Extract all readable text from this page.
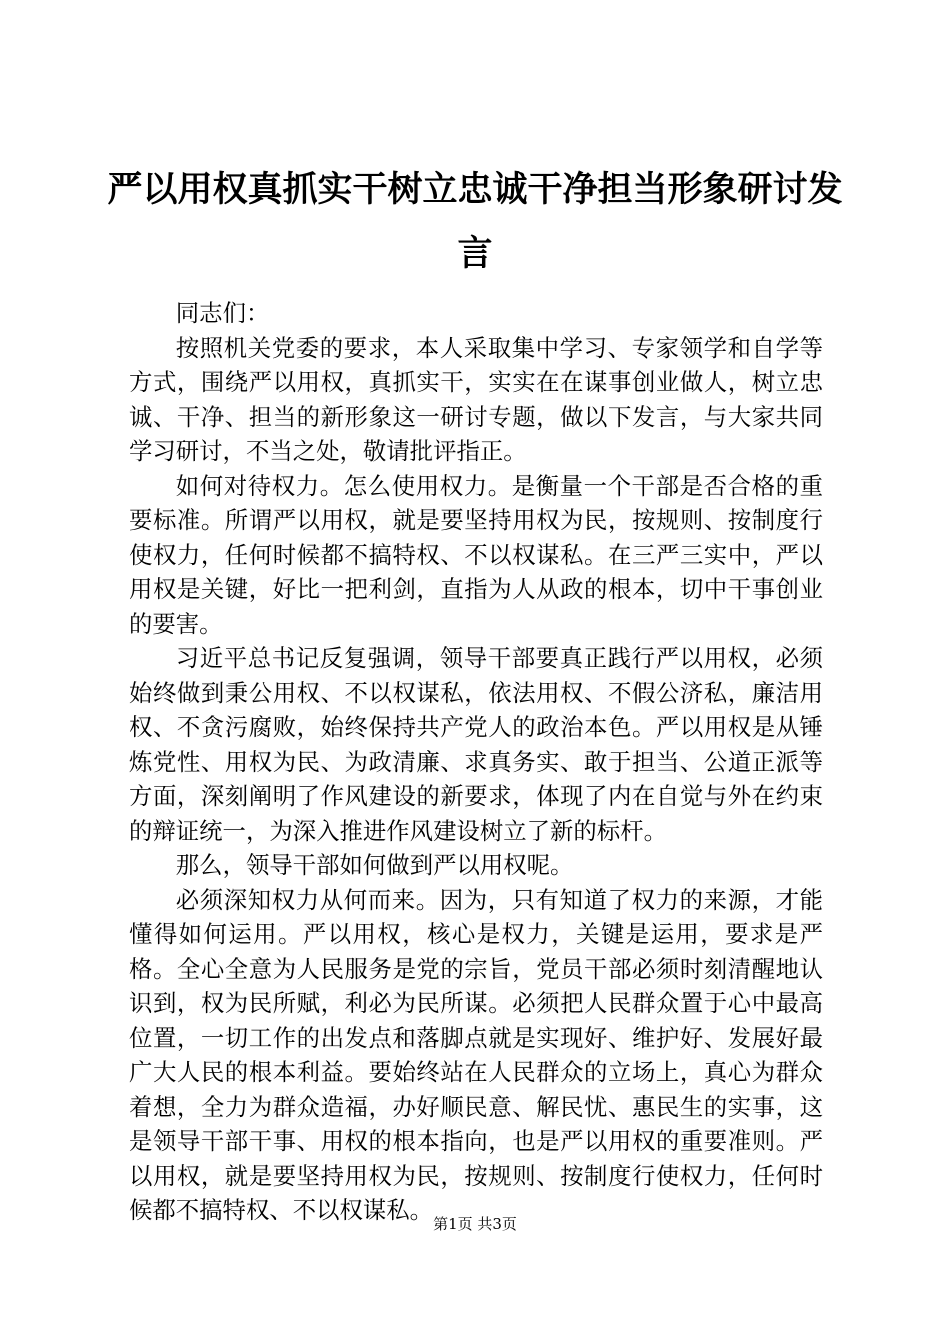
严以用权真抓实干树立忠诚干净担当形象研讨发言

同志们：

按照机关党委的要求，本人采取集中学习、专家领学和自学等方式，围绕严以用权，真抓实干，实实在在谋事创业做人，树立忠诚、干净、担当的新形象这一研讨专题，做以下发言，与大家共同学习研讨，不当之处，敬请批评指正。

如何对待权力。怎么使用权力。是衡量一个干部是否合格的重要标准。所谓严以用权，就是要坚持用权为民，按规则、按制度行使权力，任何时候都不搞特权、不以权谋私。在三严三实中，严以用权是关键，好比一把利剑，直指为人从政的根本，切中干事创业的要害。

习近平总书记反复强调，领导干部要真正践行严以用权，必须始终做到秉公用权、不以权谋私，依法用权、不假公济私，廉洁用权、不贪污腐败，始终保持共产党人的政治本色。严以用权是从锤炼党性、用权为民、为政清廉、求真务实、敢于担当、公道正派等方面，深刻阐明了作风建设的新要求，体现了内在自觉与外在约束的辩证统一，为深入推进作风建设树立了新的标杆。

那么，领导干部如何做到严以用权呢。

必须深知权力从何而来。因为，只有知道了权力的来源，才能懂得如何运用。严以用权，核心是权力，关键是运用，要求是严格。全心全意为人民服务是党的宗旨，党员干部必须时刻清醒地认识到，权为民所赋，利必为民所谋。必须把人民群众置于心中最高位置，一切工作的出发点和落脚点就是实现好、维护好、发展好最广大人民的根本利益。要始终站在人民群众的立场上，真心为群众着想，全力为群众造福，办好顺民意、解民忧、惠民生的实事，这是领导干部干事、用权的根本指向，也是严以用权的重要准则。严以用权，就是要坚持用权为民，按规则、按制度行使权力，任何时候都不搞特权、不以权谋私。 第1页 共3页
